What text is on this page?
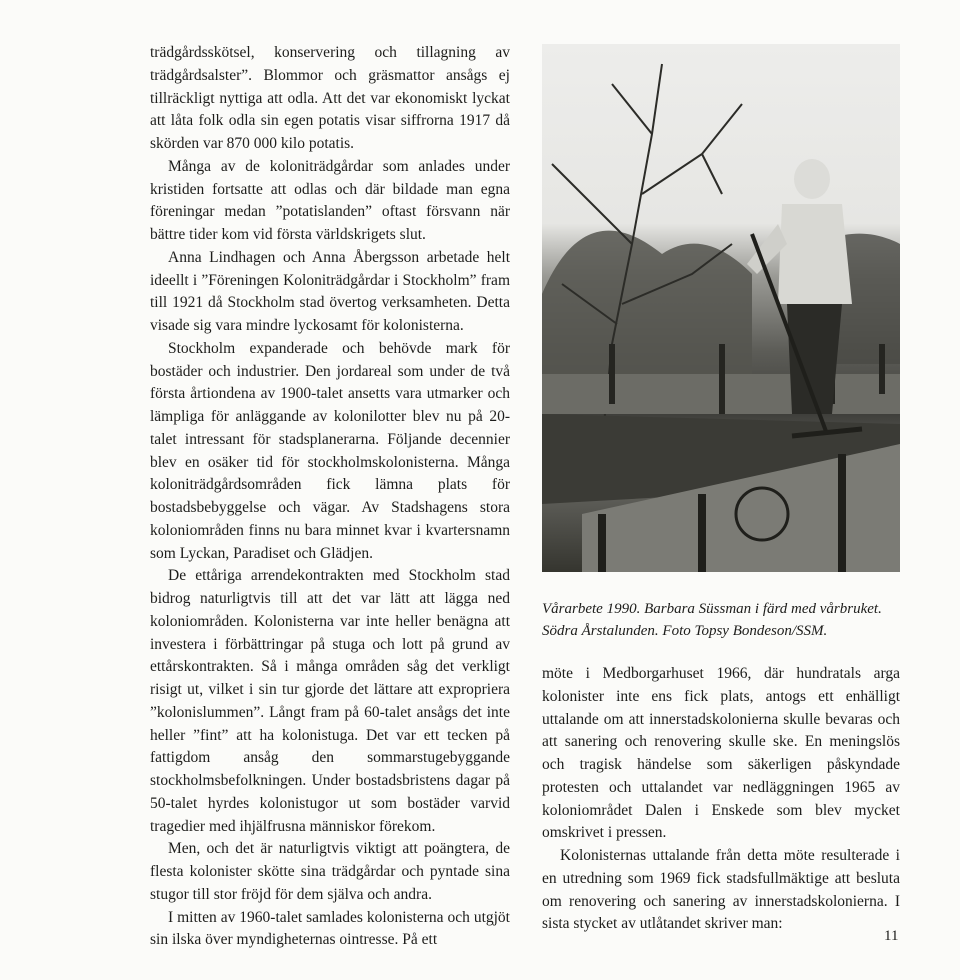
trädgårdsskötsel, konservering och tillagning av trädgårdsalster”. Blommor och gräsmattor ansågs ej tillräckligt nyttiga att odla. Att det var ekonomiskt lyckat att låta folk odla sin egen potatis visar siffrorna 1917 då skörden var 870 000 kilo potatis.

Många av de koloniträdgårdar som anlades under kristiden fortsatte att odlas och där bildade man egna föreningar medan ”potatislanden” oftast försvann när bättre tider kom vid första världskrigets slut.

Anna Lindhagen och Anna Åbergsson arbetade helt ideellt i ”Föreningen Koloniträdgårdar i Stockholm” fram till 1921 då Stockholm stad övertog verksamheten. Detta visade sig vara mindre lyckosamt för kolonisterna.

Stockholm expanderade och behövde mark för bostäder och industrier. Den jordareal som under de två första årtiondena av 1900-talet ansetts vara utmarker och lämpliga för anläggande av kolonilotter blev nu på 20-talet intressant för stadsplanerarna. Följande decennier blev en osäker tid för stockholmskolonisterna. Många koloniträdgårdsområden fick lämna plats för bostadsbebyggelse och vägar. Av Stadshagens stora koloniområden finns nu bara minnet kvar i kvartersnamn som Lyckan, Paradiset och Glädjen.

De ettåriga arrendekontrakten med Stockholm stad bidrog naturligtvis till att det var lätt att lägga ned koloniområden. Kolonisterna var inte heller benägna att investera i förbättringar på stuga och lott på grund av ettårskontrakten. Så i många områden såg det verkligt risigt ut, vilket i sin tur gjorde det lättare att expropriera ”kolonislummen”. Långt fram på 60-talet ansågs det inte heller ”fint” att ha kolonistuga. Det var ett tecken på fattigdom ansåg den sommarstugebyggande stockholmsbefolkningen. Under bostadsbristens dagar på 50-talet hyrdes kolonistugor ut som bostäder varvid tragedier med ihjälfrusna människor förekom.

Men, och det är naturligtvis viktigt att poängtera, de flesta kolonister skötte sina trädgårdar och pyntade sina stugor till stor fröjd för dem själva och andra.

I mitten av 1960-talet samlades kolonisterna och utgjöt sin ilska över myndigheternas ointresse. På ett

Vårarbete 1990. Barbara Süssman i färd med vårbruket.
Södra Årstalunden. Foto Topsy Bondeson/SSM.

möte i Medborgarhuset 1966, där hundratals arga kolonister inte ens fick plats, antogs ett enhälligt uttalande om att innerstadskolonierna skulle bevaras och att sanering och renovering skulle ske. En meningslös och tragisk händelse som säkerligen påskyndade protesten och uttalandet var nedläggningen 1965 av koloniområdet Dalen i Enskede som blev mycket omskrivet i pressen.

Kolonisternas uttalande från detta möte resulterade i en utredning som 1969 fick stadsfullmäktige att besluta om renovering och sanering av innerstadskolonierna. I sista stycket av utlåtandet skriver man:

11
